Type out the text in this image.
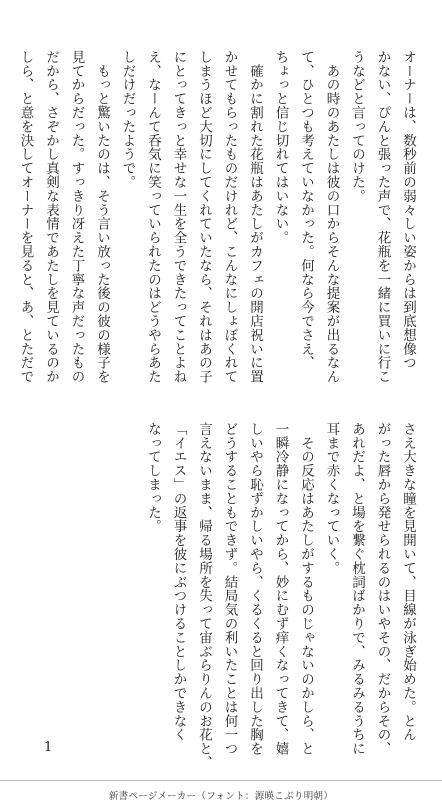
オーナーは、数秒前の弱々しい姿からは到底想像つ
かない、ぴんと張った声で、花瓶を一緒に買いに行こ
うなどと言ってのけた。
　あの時のあたしは彼の口からそんな提案が出るなん
て、ひとつも考えていなかった。何なら今でさえ、
ちょっと信じ切れてはいない。
　確かに割れた花瓶はあたしがカフェの開店祝いに置
かせてもらったものだけれど、こんなにしょぼくれて
しまうほど大切にしてくれていたなら、それはあの子
にとってきっと幸せな一生を全うできたってことよね
え、なーんて呑気に笑っていられたのはどうやらあた
しだけだったようで。
　もっと驚いたのは、そう言い放った後の彼の様子を
見てからだった。すっきり冴えた丁寧な声だったもの
だから、さぞかし真剣な表情であたしを見ているのか
しら、と意を決してオーナーを見ると、あ、とただで
さえ大きな瞳を見開いて、目線が泳ぎ始めた。とん
がった唇から発せられるのはいやその、だからその、
あれだよ、と場を繋ぐ枕詞ばかりで、みるみるうちに
耳まで赤くなっていく。
　その反応はあたしがするものじゃないのかしら、と
一瞬冷静になってから、妙にむず痒くなってきて、嬉
しいやら恥ずかしいやら、くるくると回り出した胸を
どうすることもできず。結局気の利いたことは何一つ
言えないまま、帰る場所を失って宙ぶらりんのお花と、
「イエス」の返事を彼にぶつけることしかできなく
なってしまった。
1
新書ページメーカー（フォント：源暎こぶり明朝）
